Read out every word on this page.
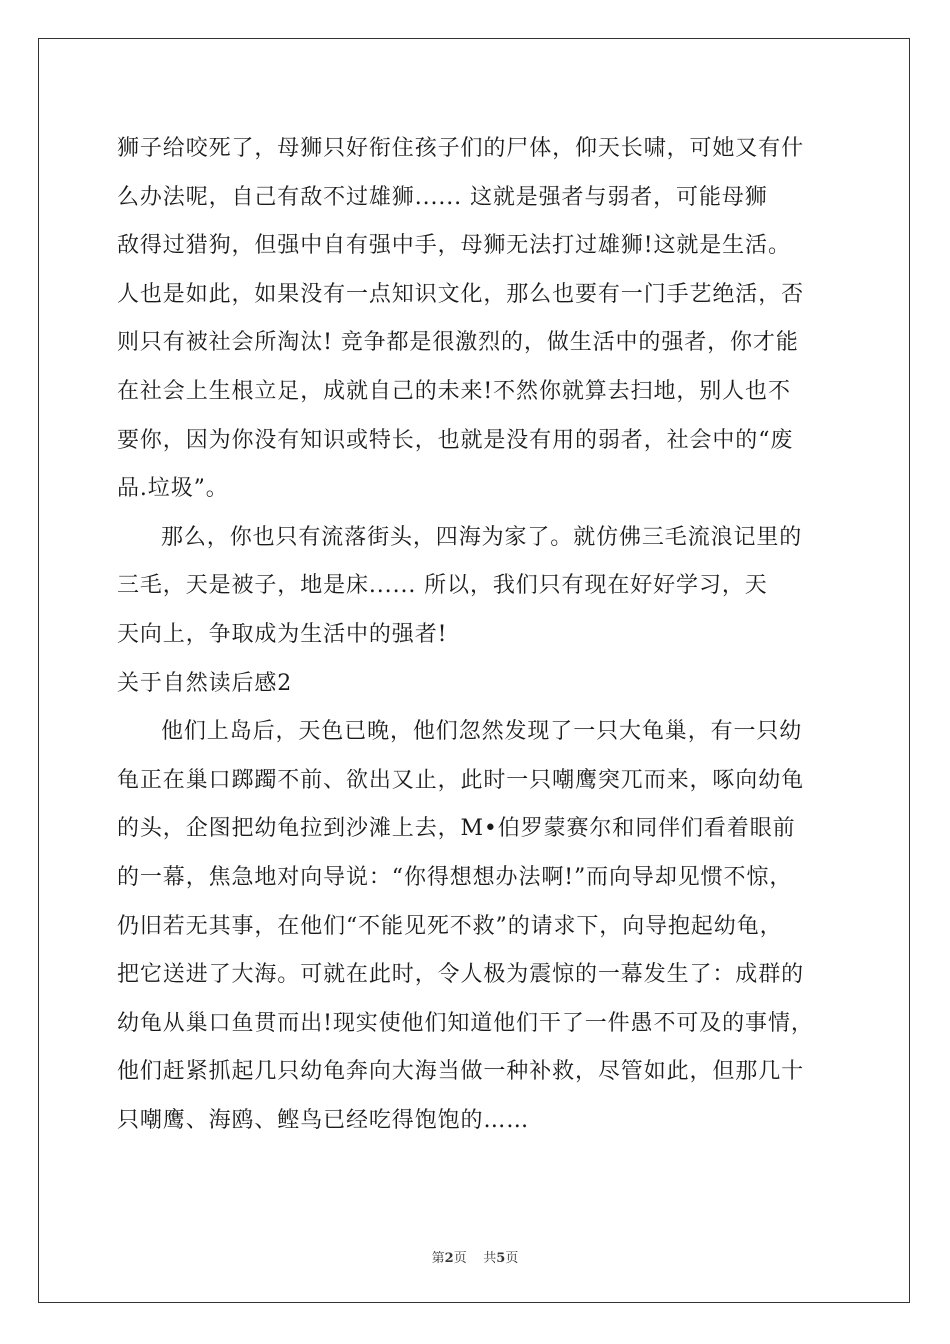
狮子给咬死了，母狮只好衔住孩子们的尸体，仰天长啸，可她又有什
么办法呢，自己有敌不过雄狮...... 这就是强者与弱者，可能母狮
敌得过猎狗，但强中自有强中手，母狮无法打过雄狮!这就是生活。
人也是如此，如果没有一点知识文化，那么也要有一门手艺绝活，否
则只有被社会所淘汰! 竞争都是很激烈的，做生活中的强者，你才能
在社会上生根立足，成就自己的未来!不然你就算去扫地，别人也不
要你，因为你没有知识或特长，也就是没有用的弱者，社会中的“废
品.垃圾”。
那么，你也只有流落街头，四海为家了。就仿佛三毛流浪记里的
三毛，天是被子，地是床...... 所以，我们只有现在好好学习，天
天向上，争取成为生活中的强者!
关于自然读后感2
他们上岛后，天色已晚，他们忽然发现了一只大龟巢，有一只幼
龟正在巢口踯躅不前、欲出又止，此时一只嘲鹰突兀而来，啄向幼龟
的头，企图把幼龟拉到沙滩上去，M•伯罗蒙赛尔和同伴们看着眼前
的一幕，焦急地对向导说：“你得想想办法啊!”而向导却见惯不惊，
仍旧若无其事，在他们“不能见死不救”的请求下，向导抱起幼龟，
把它送进了大海。可就在此时，令人极为震惊的一幕发生了：成群的
幼龟从巢口鱼贯而出!现实使他们知道他们干了一件愚不可及的事情，
他们赶紧抓起几只幼龟奔向大海当做一种补救，尽管如此，但那几十
只嘲鹰、海鸥、鲣鸟已经吃得饱饱的……
第2页 共5页
